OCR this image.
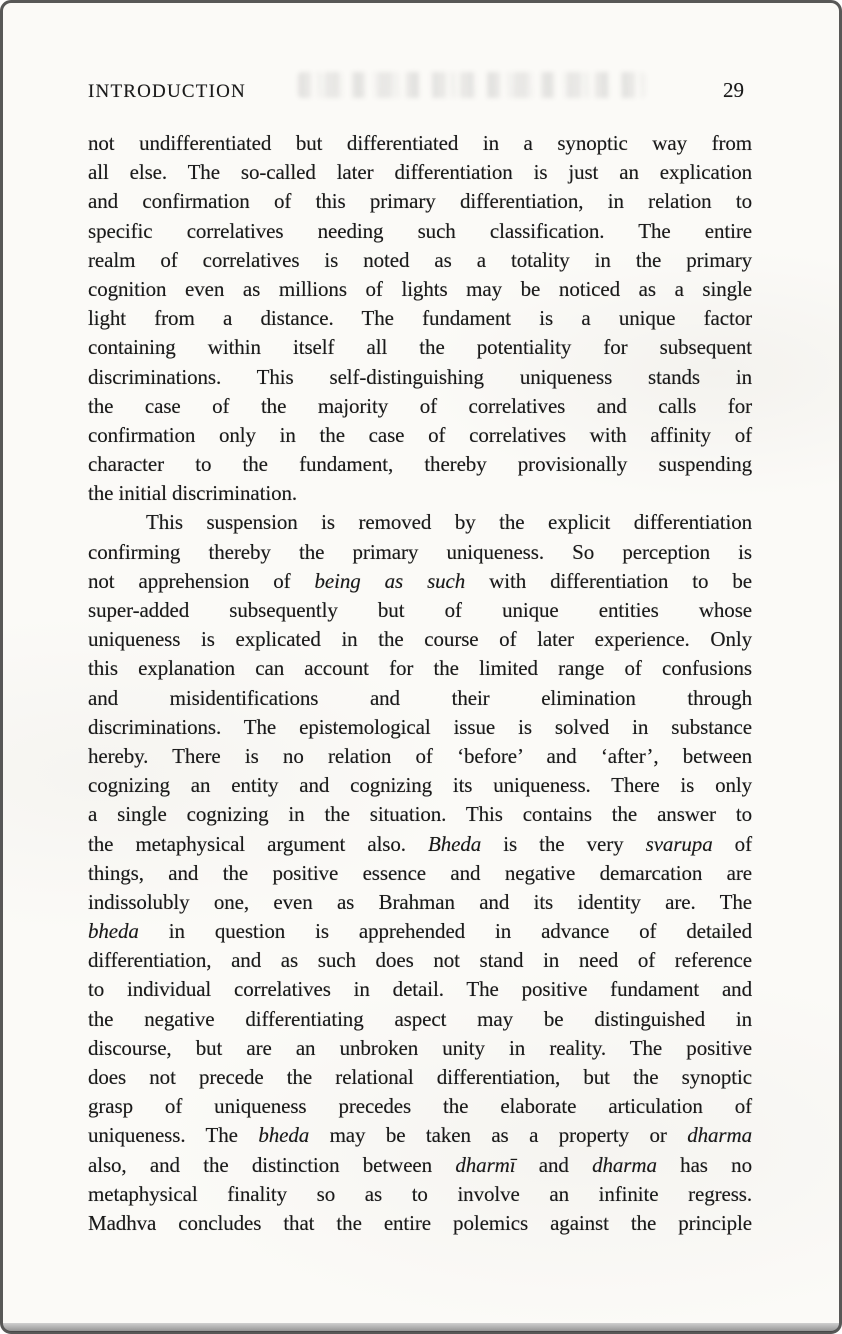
INTRODUCTION	29
not undifferentiated but differentiated in a synoptic way from
all else. The so-called later differentiation is just an explication
and confirmation of this primary differentiation, in relation to
specific correlatives needing such classification. The entire
realm of correlatives is noted as a totality in the primary
cognition even as millions of lights may be noticed as a single
light from a distance. The fundament is a unique factor
containing within itself all the potentiality for subsequent
discriminations. This self-distinguishing uniqueness stands in
the case of the majority of correlatives and calls for
confirmation only in the case of correlatives with affinity of
character to the fundament, thereby provisionally suspending
the initial discrimination.
This suspension is removed by the explicit differentiation
confirming thereby the primary uniqueness. So perception is
not apprehension of being as such with differentiation to be
super-added subsequently but of unique entities whose
uniqueness is explicated in the course of later experience. Only
this explanation can account for the limited range of confusions
and misidentifications and their elimination through
discriminations. The epistemological issue is solved in substance
hereby. There is no relation of ‘before’ and ‘after’, between
cognizing an entity and cognizing its uniqueness. There is only
a single cognizing in the situation. This contains the answer to
the metaphysical argument also. Bheda is the very svarupa of
things, and the positive essence and negative demarcation are
indissolubly one, even as Brahman and its identity are. The
bheda in question is apprehended in advance of detailed
differentiation, and as such does not stand in need of reference
to individual correlatives in detail. The positive fundament and
the negative differentiating aspect may be distinguished in
discourse, but are an unbroken unity in reality. The positive
does not precede the relational differentiation, but the synoptic
grasp of uniqueness precedes the elaborate articulation of
uniqueness. The bheda may be taken as a property or dharma
also, and the distinction between dharmī and dharma has no
metaphysical finality so as to involve an infinite regress.
Madhva concludes that the entire polemics against the principle
